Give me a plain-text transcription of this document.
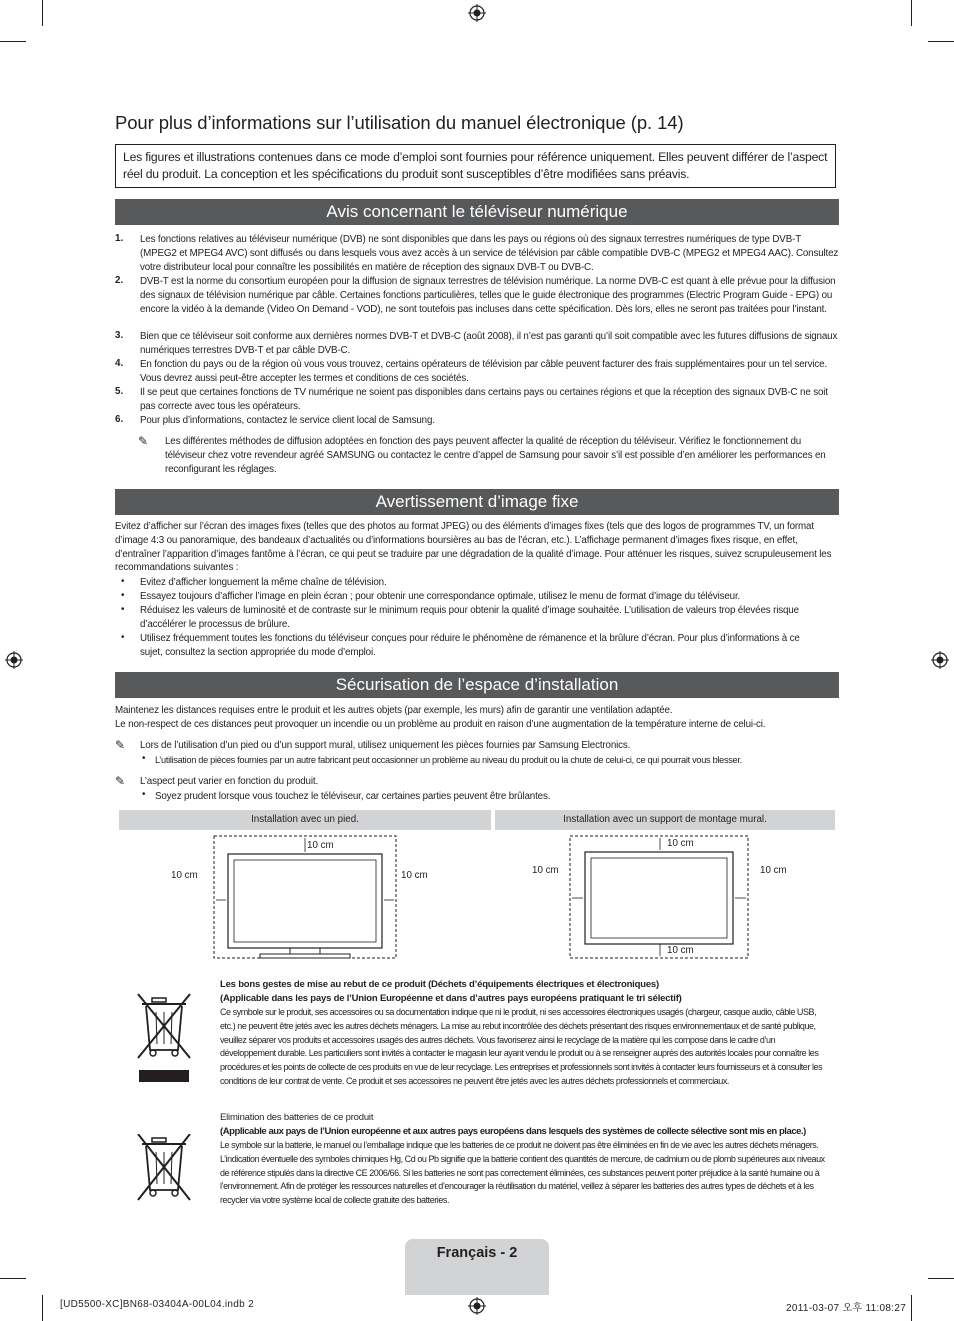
Pour plus d’informations sur l’utilisation du manuel électronique (p. 14)
Les figures et illustrations contenues dans ce mode d’emploi sont fournies pour référence uniquement. Elles peuvent différer de l’aspect réel du produit. La conception et les spécifications du produit sont susceptibles d’être modifiées sans préavis.
Avis concernant le téléviseur numérique
1. Les fonctions relatives au téléviseur numérique (DVB) ne sont disponibles que dans les pays ou régions où des signaux terrestres numériques de type DVB-T (MPEG2 et MPEG4 AVC) sont diffusés ou dans lesquels vous avez accès à un service de télévision par câble compatible DVB-C (MPEG2 et MPEG4 AAC). Consultez votre distributeur local pour connaître les possibilités en matière de réception des signaux DVB-T ou DVB-C.
2. DVB-T est la norme du consortium européen pour la diffusion de signaux terrestres de télévision numérique. La norme DVB-C est quant à elle prévue pour la diffusion des signaux de télévision numérique par câble. Certaines fonctions particulières, telles que le guide électronique des programmes (Electric Program Guide - EPG) ou encore la vidéo à la demande (Video On Demand - VOD), ne sont toutefois pas incluses dans cette spécification. Dès lors, elles ne seront pas traitées pour l’instant.
3. Bien que ce téléviseur soit conforme aux dernières normes DVB-T et DVB-C (août 2008), il n’est pas garanti qu’il soit compatible avec les futures diffusions de signaux numériques terrestres DVB-T et par câble DVB-C.
4. En fonction du pays ou de la région où vous vous trouvez, certains opérateurs de télévision par câble peuvent facturer des frais supplémentaires pour un tel service. Vous devrez aussi peut-être accepter les termes et conditions de ces sociétés.
5. Il se peut que certaines fonctions de TV numérique ne soient pas disponibles dans certains pays ou certaines régions et que la réception des signaux DVB-C ne soit pas correcte avec tous les opérateurs.
6. Pour plus d’informations, contactez le service client local de Samsung.
✎ Les différentes méthodes de diffusion adoptées en fonction des pays peuvent affecter la qualité de réception du téléviseur. Vérifiez le fonctionnement du téléviseur chez votre revendeur agréé SAMSUNG ou contactez le centre d’appel de Samsung pour savoir s’il est possible d’en améliorer les performances en reconfigurant les réglages.
Avertissement d’image fixe
Evitez d’afficher sur l’écran des images fixes (telles que des photos au format JPEG) ou des éléments d’images fixes (tels que des logos de programmes TV, un format d’image 4:3 ou panoramique, des bandeaux d’actualités ou d’informations boursières au bas de l’écran, etc.). L’affichage permanent d’images fixes risque, en effet, d’entraîner l’apparition d’images fantôme à l’écran, ce qui peut se traduire par une dégradation de la qualité d’image. Pour atténuer les risques, suivez scrupuleusement les recommandations suivantes :
• Evitez d’afficher longuement la même chaîne de télévision.
• Essayez toujours d’afficher l’image en plein écran ; pour obtenir une correspondance optimale, utilisez le menu de format d’image du téléviseur.
• Réduisez les valeurs de luminosité et de contraste sur le minimum requis pour obtenir la qualité d’image souhaitée. L’utilisation de valeurs trop élevées risque d’accélérer le processus de brûlure.
• Utilisez fréquemment toutes les fonctions du téléviseur conçues pour réduire le phénomène de rémanence et la brûlure d’écran. Pour plus d’informations à ce sujet, consultez la section appropriée du mode d’emploi.
Sécurisation de l’espace d’installation
Maintenez les distances requises entre le produit et les autres objets (par exemple, les murs) afin de garantir une ventilation adaptée.
Le non-respect de ces distances peut provoquer un incendie ou un problème au produit en raison d’une augmentation de la température interne de celui-ci.
✎ Lors de l’utilisation d’un pied ou d’un support mural, utilisez uniquement les pièces fournies par Samsung Electronics.
• L’utilisation de pièces fournies par un autre fabricant peut occasionner un problème au niveau du produit ou la chute de celui-ci, ce qui pourrait vous blesser.
✎ L’aspect peut varier en fonction du produit.
• Soyez prudent lorsque vous touchez le téléviseur, car certaines parties peuvent être brûlantes.
Installation avec un pied.	Installation avec un support de montage mural.
10 cm
10 cm	10 cm
10 cm
10 cm	10 cm
10 cm
Les bons gestes de mise au rebut de ce produit (Déchets d’équipements électriques et électroniques)
(Applicable dans les pays de l’Union Européenne et dans d’autres pays européens pratiquant le tri sélectif)
Ce symbole sur le produit, ses accessoires ou sa documentation indique que ni le produit, ni ses accessoires électroniques usagés (chargeur, casque audio, câble USB, etc.) ne peuvent être jetés avec les autres déchets ménagers. La mise au rebut incontrôlée des déchets présentant des risques environnementaux et de santé publique, veuillez séparer vos produits et accessoires usagés des autres déchets. Vous favoriserez ainsi le recyclage de la matière qui les compose dans le cadre d’un développement durable. Les particuliers sont invités à contacter le magasin leur ayant vendu le produit ou à se renseigner auprès des autorités locales pour connaître les procédures et les points de collecte de ces produits en vue de leur recyclage. Les entreprises et professionnels sont invités à contacter leurs fournisseurs et à consulter les conditions de leur contrat de vente. Ce produit et ses accessoires ne peuvent être jetés avec les autres déchets professionnels et commerciaux.
Elimination des batteries de ce produit
(Applicable aux pays de l’Union européenne et aux autres pays européens dans lesquels des systèmes de collecte sélective sont mis en place.)
Le symbole sur la batterie, le manuel ou l’emballage indique que les batteries de ce produit ne doivent pas être éliminées en fin de vie avec les autres déchets ménagers. L’indication éventuelle des symboles chimiques Hg, Cd ou Pb signifie que la batterie contient des quantités de mercure, de cadmium ou de plomb supérieures aux niveaux de référence stipulés dans la directive CE 2006/66. Si les batteries ne sont pas correctement éliminées, ces substances peuvent porter préjudice à la santé humaine ou à l’environnement. Afin de protéger les ressources naturelles et d’encourager la réutilisation du matériel, veillez à séparer les batteries des autres types de déchets et à les recycler via votre système local de collecte gratuite des batteries.
Français - 2
[UD5500-XC]BN68-03404A-00L04.indb 2	2011-03-07 오후 11:08:27
